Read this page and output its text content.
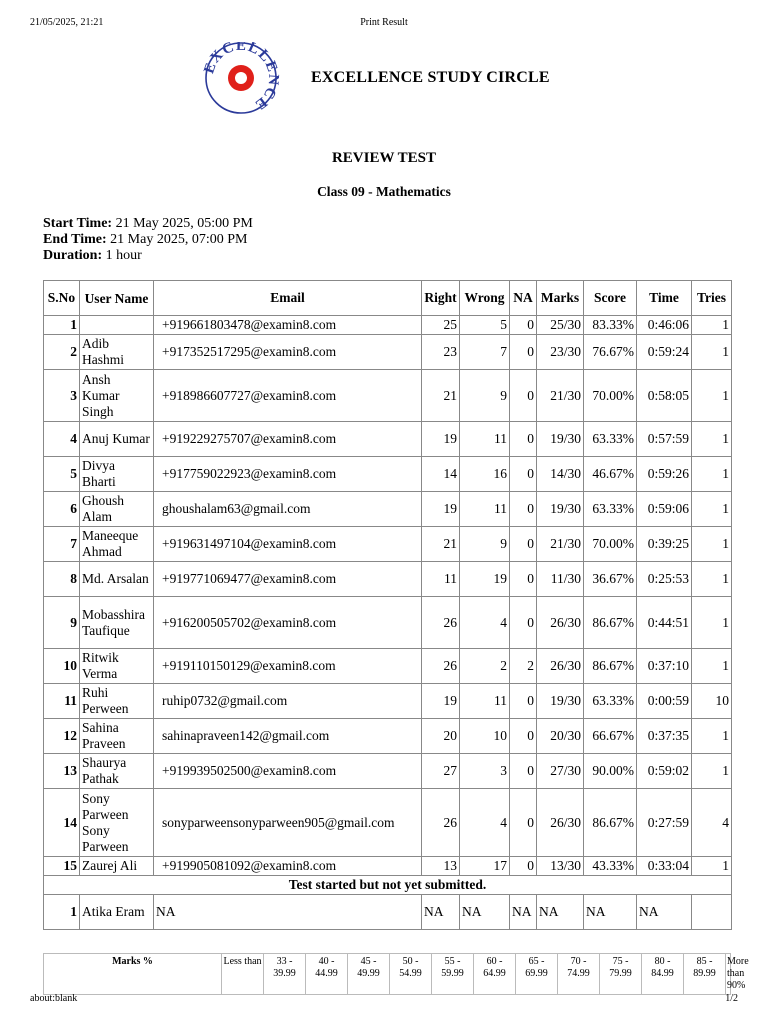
21/05/2025, 21:21	Print Result
EXCELLENCE
EXCELLENCE STUDY CIRCLE
REVIEW TEST
Class 09 - Mathematics
Start Time: 21 May 2025, 05:00 PM
End Time: 21 May 2025, 07:00 PM
Duration: 1 hour
S.No	User Name	Email	Right	Wrong	NA	Marks	Score	Time	Tries
1		+919661803478@examin8.com	25	5	0	25/30	83.33%	0:46:06	1
2	Adib Hashmi	+917352517295@examin8.com	23	7	0	23/30	76.67%	0:59:24	1
3	Ansh Kumar Singh	+918986607727@examin8.com	21	9	0	21/30	70.00%	0:58:05	1
4	Anuj Kumar	+919229275707@examin8.com	19	11	0	19/30	63.33%	0:57:59	1
5	Divya Bharti	+917759022923@examin8.com	14	16	0	14/30	46.67%	0:59:26	1
6	Ghoush Alam	ghoushalam63@gmail.com	19	11	0	19/30	63.33%	0:59:06	1
7	Maneeque Ahmad	+919631497104@examin8.com	21	9	0	21/30	70.00%	0:39:25	1
8	Md. Arsalan	+919771069477@examin8.com	11	19	0	11/30	36.67%	0:25:53	1
9	Mobasshira Taufique	+916200505702@examin8.com	26	4	0	26/30	86.67%	0:44:51	1
10	Ritwik Verma	+919110150129@examin8.com	26	2	2	26/30	86.67%	0:37:10	1
11	Ruhi Perween	ruhip0732@gmail.com	19	11	0	19/30	63.33%	0:00:59	10
12	Sahina Praveen	sahinapraveen142@gmail.com	20	10	0	20/30	66.67%	0:37:35	1
13	Shaurya Pathak	+919939502500@examin8.com	27	3	0	27/30	90.00%	0:59:02	1
14	Sony Parween Sony Parween	sonyparweensonyparween905@gmail.com	26	4	0	26/30	86.67%	0:27:59	4
15	Zaurej Ali	+919905081092@examin8.com	13	17	0	13/30	43.33%	0:33:04	1
Test started but not yet submitted.									
1	Atika Eram	NA	NA	NA	NA	NA	NA	NA	
Marks %	Less than	33 - 39.99	40 - 44.99	45 - 49.99	50 - 54.99	55 - 59.99	60 - 64.99	65 - 69.99	70 - 74.99	75 - 79.99	80 - 84.99	85 - 89.99	More than 90%
about:blank	1/2
